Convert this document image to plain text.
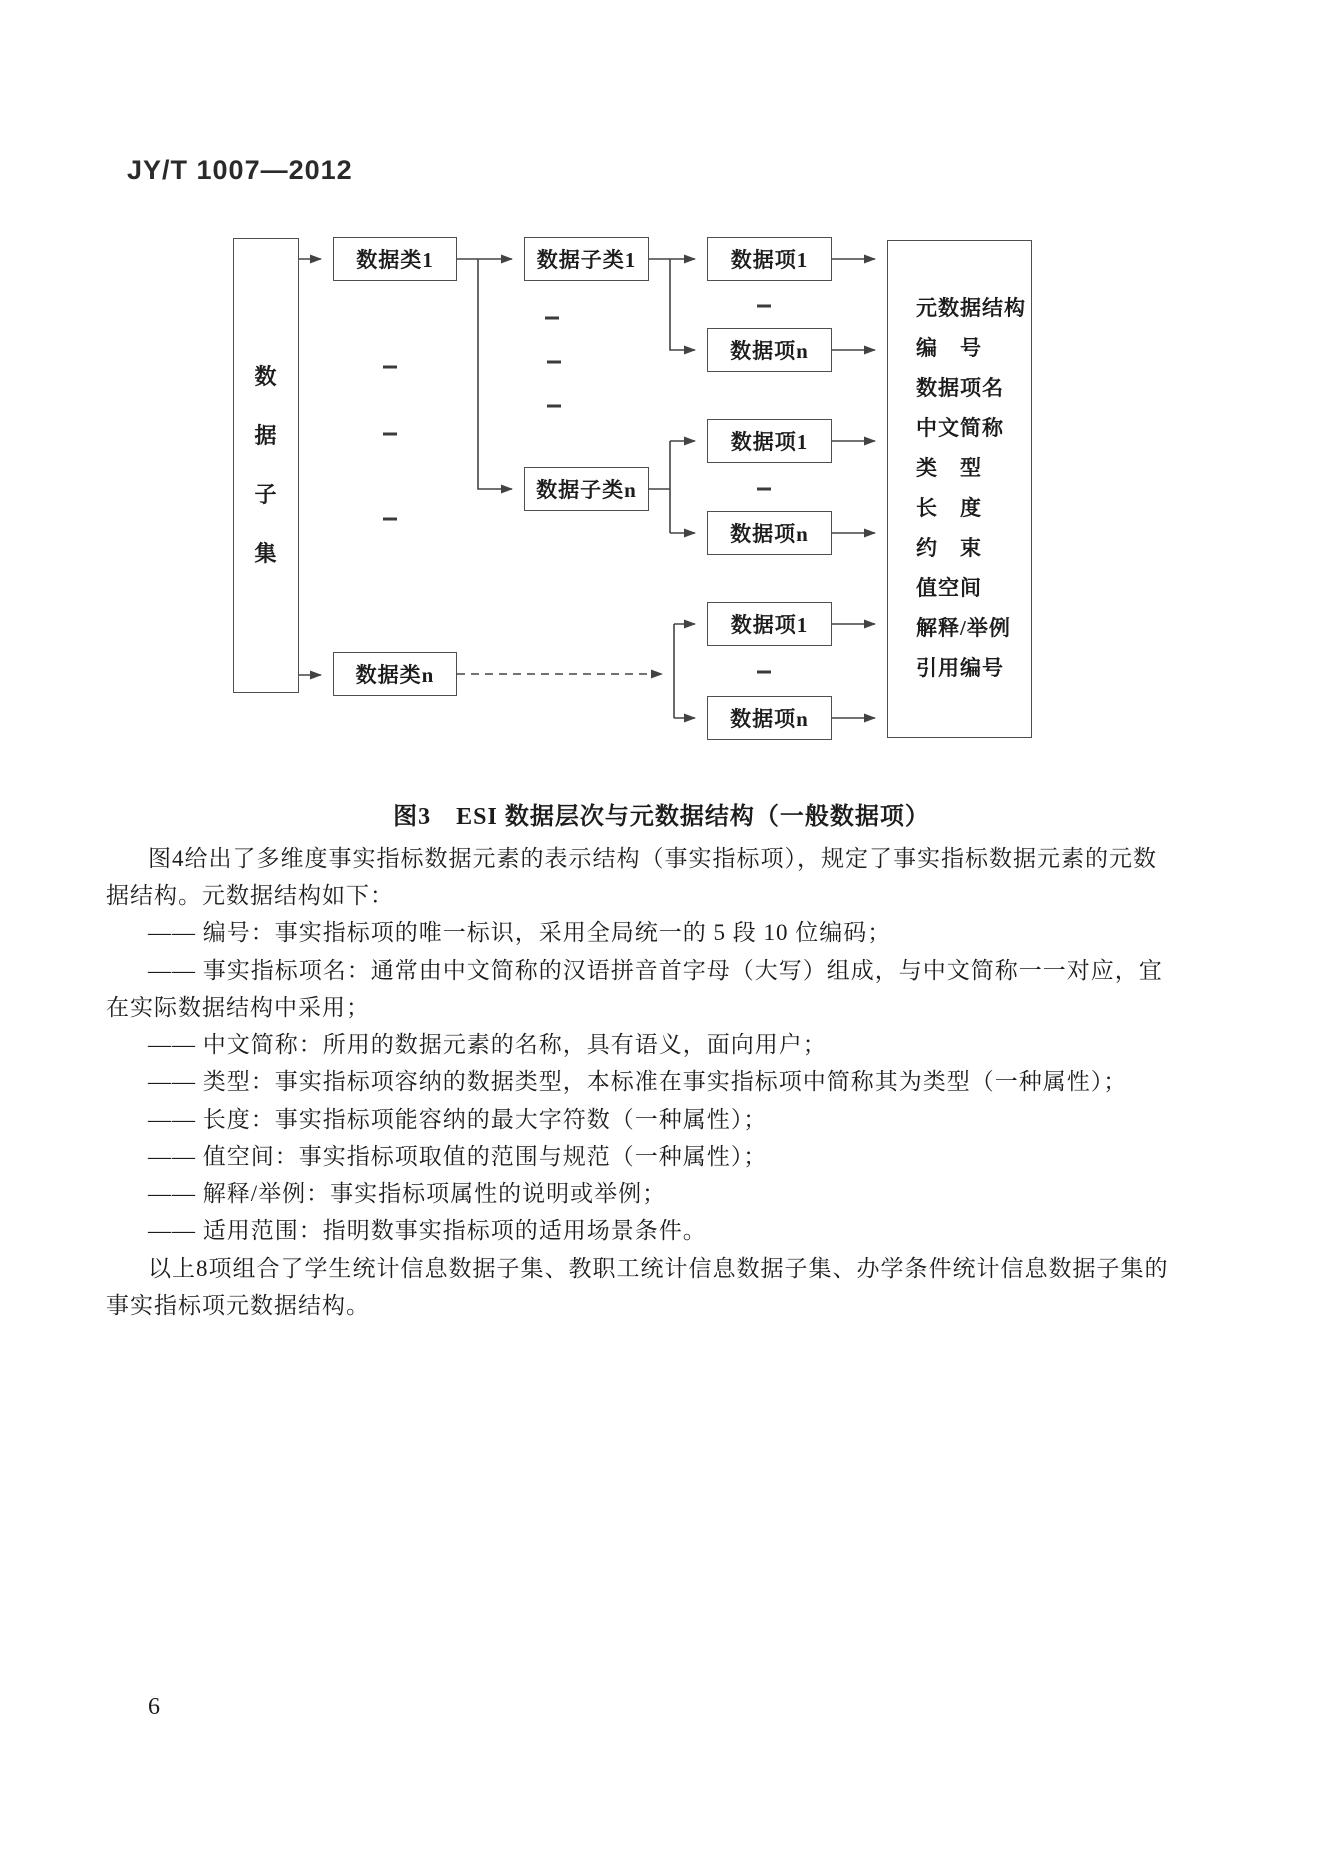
JY/T 1007—2012
数
据
子
集
数据类1
数据类n
数据子类1
数据子类n
数据项1
数据项n
数据项1
数据项n
数据项1
数据项n
元数据结构
编　号
数据项名
中文简称
类　型
长　度
约　束
值空间
解释/举例
引用编号
图3　ESI 数据层次与元数据结构（一般数据项）
图4给出了多维度事实指标数据元素的表示结构（事实指标项），规定了事实指标数据元素的元数
据结构。元数据结构如下：
—— 编号：事实指标项的唯一标识，采用全局统一的 5 段 10 位编码；
—— 事实指标项名：通常由中文简称的汉语拼音首字母（大写）组成，与中文简称一一对应，宜
在实际数据结构中采用；
—— 中文简称：所用的数据元素的名称，具有语义，面向用户；
—— 类型：事实指标项容纳的数据类型，本标准在事实指标项中简称其为类型（一种属性）；
—— 长度：事实指标项能容纳的最大字符数（一种属性）；
—— 值空间：事实指标项取值的范围与规范（一种属性）；
—— 解释/举例：事实指标项属性的说明或举例；
—— 适用范围：指明数事实指标项的适用场景条件。
以上8项组合了学生统计信息数据子集、教职工统计信息数据子集、办学条件统计信息数据子集的
事实指标项元数据结构。
6
